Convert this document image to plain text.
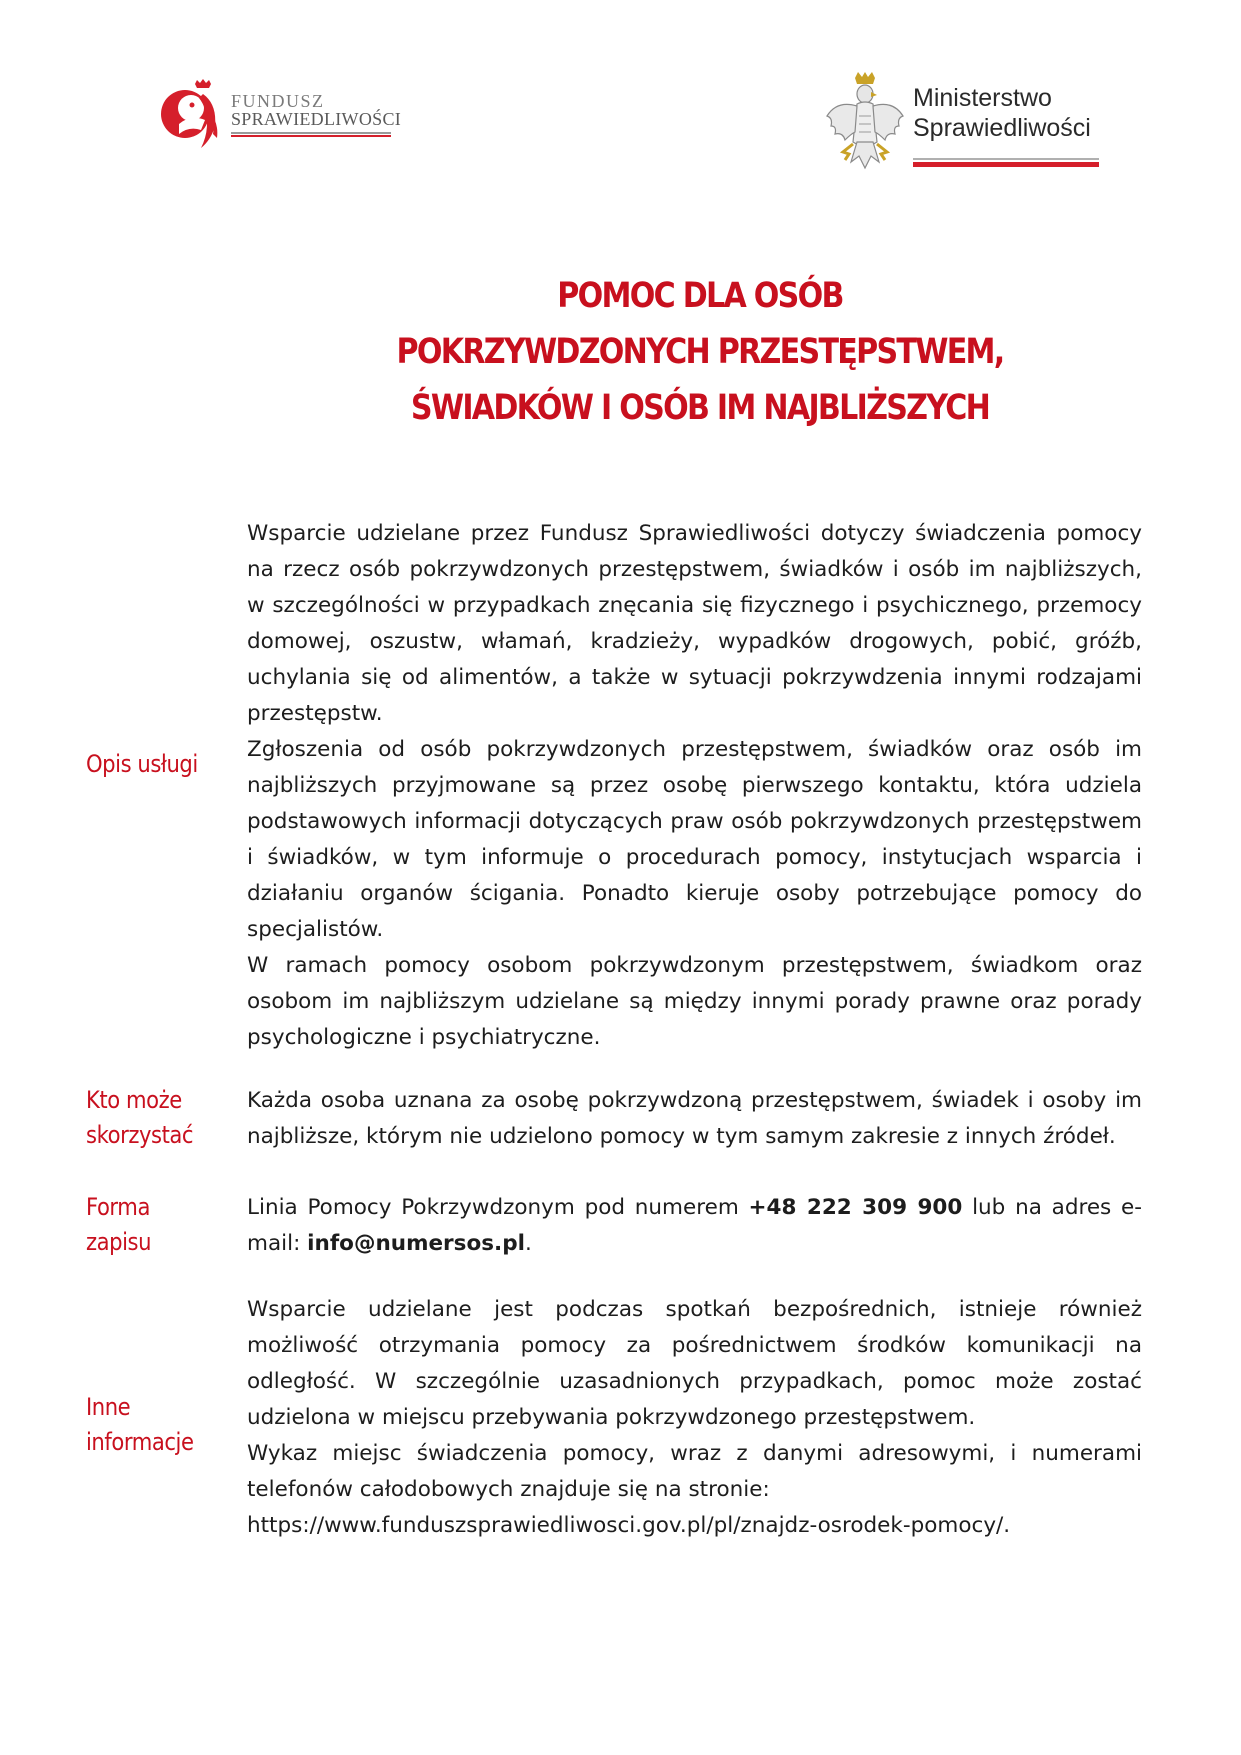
FUNDUSZ
SPRAWIEDLIWOŚCI
Ministerstwo
Sprawiedliwości
POMOC DLA OSÓB
POKRZYWDZONYCH PRZESTĘPSTWEM,
ŚWIADKÓW I OSÓB IM NAJBLIŻSZYCH
Opis usługi

Wsparcie udzielane przez Fundusz Sprawiedliwości dotyczy świadczenia pomocy na rzecz osób pokrzywdzonych przestępstwem, świadków i osób im najbliższych, w szczególności w przypadkach znęcania się fizycznego i psychicznego, przemocy domowej, oszustw, włamań, kradzieży, wypadków drogowych, pobić, gróźb, uchylania się od alimentów, a także w sytuacji pokrzywdzenia innymi rodzajami przestępstw.

Zgłoszenia od osób pokrzywdzonych przestępstwem, świadków oraz osób im najbliższych przyjmowane są przez osobę pierwszego kontaktu, która udziela podstawowych informacji dotyczących praw osób pokrzywdzonych przestępstwem i świadków, w tym informuje o procedurach pomocy, instytucjach wsparcia i działaniu organów ścigania. Ponadto kieruje osoby potrzebujące pomocy do specjalistów.

W ramach pomocy osobom pokrzywdzonym przestępstwem, świadkom oraz osobom im najbliższym udzielane są między innymi porady prawne oraz porady psychologiczne i psychiatryczne.

Kto może
skorzystać

Każda osoba uznana za osobę pokrzywdzoną przestępstwem, świadek i osoby im najbliższe, którym nie udzielono pomocy w tym samym zakresie z innych źródeł.

Forma
zapisu

Linia Pomocy Pokrzywdzonym pod numerem +48 222 309 900 lub na adres e-mail: info@numersos.pl.

Inne
informacje

Wsparcie udzielane jest podczas spotkań bezpośrednich, istnieje również możliwość otrzymania pomocy za pośrednictwem środków komunikacji na odległość. W szczególnie uzasadnionych przypadkach, pomoc może zostać udzielona w miejscu przebywania pokrzywdzonego przestępstwem.

Wykaz miejsc świadczenia pomocy, wraz z danymi adresowymi, i numerami telefonów całodobowych znajduje się na stronie:

https://www.funduszsprawiedliwosci.gov.pl/pl/znajdz-osrodek-pomocy/.
